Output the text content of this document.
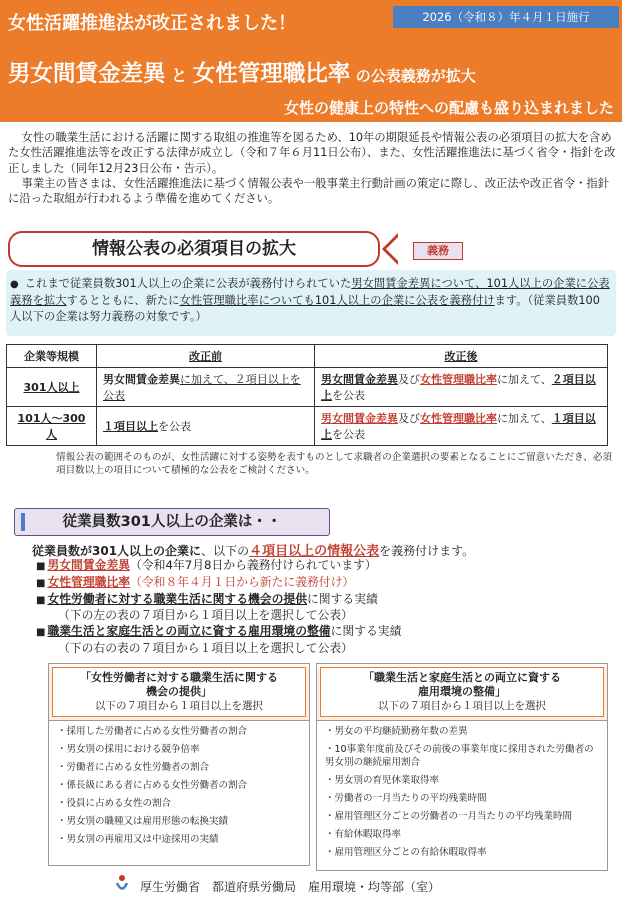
女性活躍推進法が改正されました！	2026（令和８）年４月１日施行
男女間賃金差異 と 女性管理職比率 の公表義務が拡大
女性の健康上の特性への配慮も盛り込まれました

女性の職業生活における活躍に関する取組の推進等を図るため、10年の期限延長や情報公表の必須項目の拡大を含めた女性活躍推進法等を改正する法律が成立し（令和７年６月11日公布）、また、女性活躍推進法に基づく省令・指針を改正しました（同年12月23日公布・告示）。

事業主の皆さまは、女性活躍推進法に基づく情報公表や一般事業主行動計画の策定に際し、改正法や改正省令・指針に沿った取組が行われるよう準備を進めてください。

情報公表の必須項目の拡大	義務
● これまで従業員数301人以上の企業に公表が義務付けられていた男女間賃金差異について、101人以上の企業に公表義務を拡大するとともに、新たに女性管理職比率についても101人以上の企業に公表を義務付けます。（従業員数100人以下の企業は努力義務の対象です。）
企業等規模	改正前	改正後
301人以上	男女間賃金差異に加えて、２項目以上を公表	男女間賃金差異及び女性管理職比率に加えて、２項目以上を公表
101人～300人	１項目以上を公表	男女間賃金差異及び女性管理職比率に加えて、１項目以上を公表
情報公表の範囲そのものが、女性活躍に対する姿勢を表すものとして求職者の企業選択の要素となることにご留意いただき、必須項目数以上の項目について積極的な公表をご検討ください。
従業員数301人以上の企業は・・
従業員数が301人以上の企業に、以下の４項目以上の情報公表を義務付けます。
■ 男女間賃金差異（令和4年7月8日から義務付けられています）
■ 女性管理職比率（令和８年４月１日から新たに義務付け）
■ 女性労働者に対する職業生活に関する機会の提供に関する実績
（下の左の表の７項目から１項目以上を選択して公表）
■ 職業生活と家庭生活との両立に資する雇用環境の整備に関する実績
（下の右の表の７項目から１項目以上を選択して公表）
「女性労働者に対する職業生活に関する
機会の提供」
以下の７項目から１項目以上を選択
・採用した労働者に占める女性労働者の割合
・男女別の採用における競争倍率
・労働者に占める女性労働者の割合
・係長級にある者に占める女性労働者の割合
・役員に占める女性の割合
・男女別の職種又は雇用形態の転換実績
・男女別の再雇用又は中途採用の実績
「職業生活と家庭生活との両立に資する
雇用環境の整備」
以下の７項目から１項目以上を選択
・男女の平均継続勤務年数の差異
・10事業年度前及びその前後の事業年度に採用された労働者の男女別の継続雇用割合
・男女別の育児休業取得率
・労働者の一月当たりの平均残業時間
・雇用管理区分ごとの労働者の一月当たりの平均残業時間
・有給休暇取得率
・雇用管理区分ごとの有給休暇取得率
厚生労働省　都道府県労働局　雇用環境・均等部（室）
